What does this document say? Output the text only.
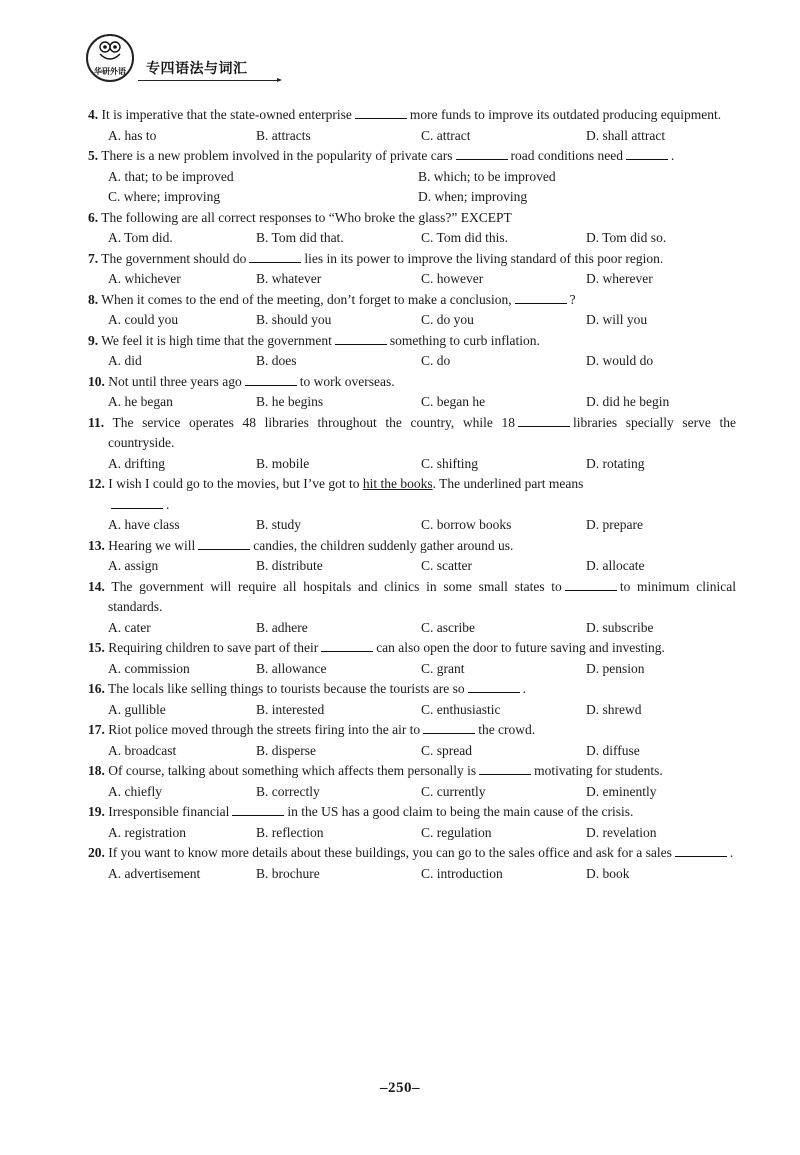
华研外语 专四语法与词汇

4. It is imperative that the state-owned enterprise	more funds to improve its outdated producing equipment.

A. has to	B. attracts	C. attract	D. shall attract

5. There is a new problem involved in the popularity of private cars	road conditions need	.

A. that; to be improved	B. which; to be improved
C. where; improving	D. when; improving

6. The following are all correct responses to “Who broke the glass?” EXCEPT

A. Tom did.	B. Tom did that.	C. Tom did this.	D. Tom did so.

7. The government should do	lies in its power to improve the living standard of this poor region.

A. whichever	B. whatever	C. however	D. wherever

8. When it comes to the end of the meeting, don’t forget to make a conclusion,	?

A. could you	B. should you	C. do you	D. will you

9. We feel it is high time that the government	something to curb inflation.

A. did	B. does	C. do	D. would do

10. Not until three years ago	to work overseas.

A. he began	B. he begins	C. began he	D. did he begin

11. The service operates 48 libraries throughout the country, while 18	libraries specially serve the countryside.

A. drifting	B. mobile	C. shifting	D. rotating

12. I wish I could go to the movies, but I’ve got to hit the books. The underlined part means
.

A. have class	B. study	C. borrow books	D. prepare

13. Hearing we will	candies, the children suddenly gather around us.

A. assign	B. distribute	C. scatter	D. allocate

14. The government will require all hospitals and clinics in some small states to	to minimum clinical standards.

A. cater	B. adhere	C. ascribe	D. subscribe

15. Requiring children to save part of their	can also open the door to future saving and investing.

A. commission	B. allowance	C. grant	D. pension

16. The locals like selling things to tourists because the tourists are so	.

A. gullible	B. interested	C. enthusiastic	D. shrewd

17. Riot police moved through the streets firing into the air to	the crowd.

A. broadcast	B. disperse	C. spread	D. diffuse

18. Of course, talking about something which affects them personally is	motivating for students.

A. chiefly	B. correctly	C. currently	D. eminently

19. Irresponsible financial	in the US has a good claim to being the main cause of the crisis.

A. registration	B. reflection	C. regulation	D. revelation

20. If you want to know more details about these buildings, you can go to the sales office and ask for a sales	.

A. advertisement	B. brochure	C. introduction	D. book
–250–
